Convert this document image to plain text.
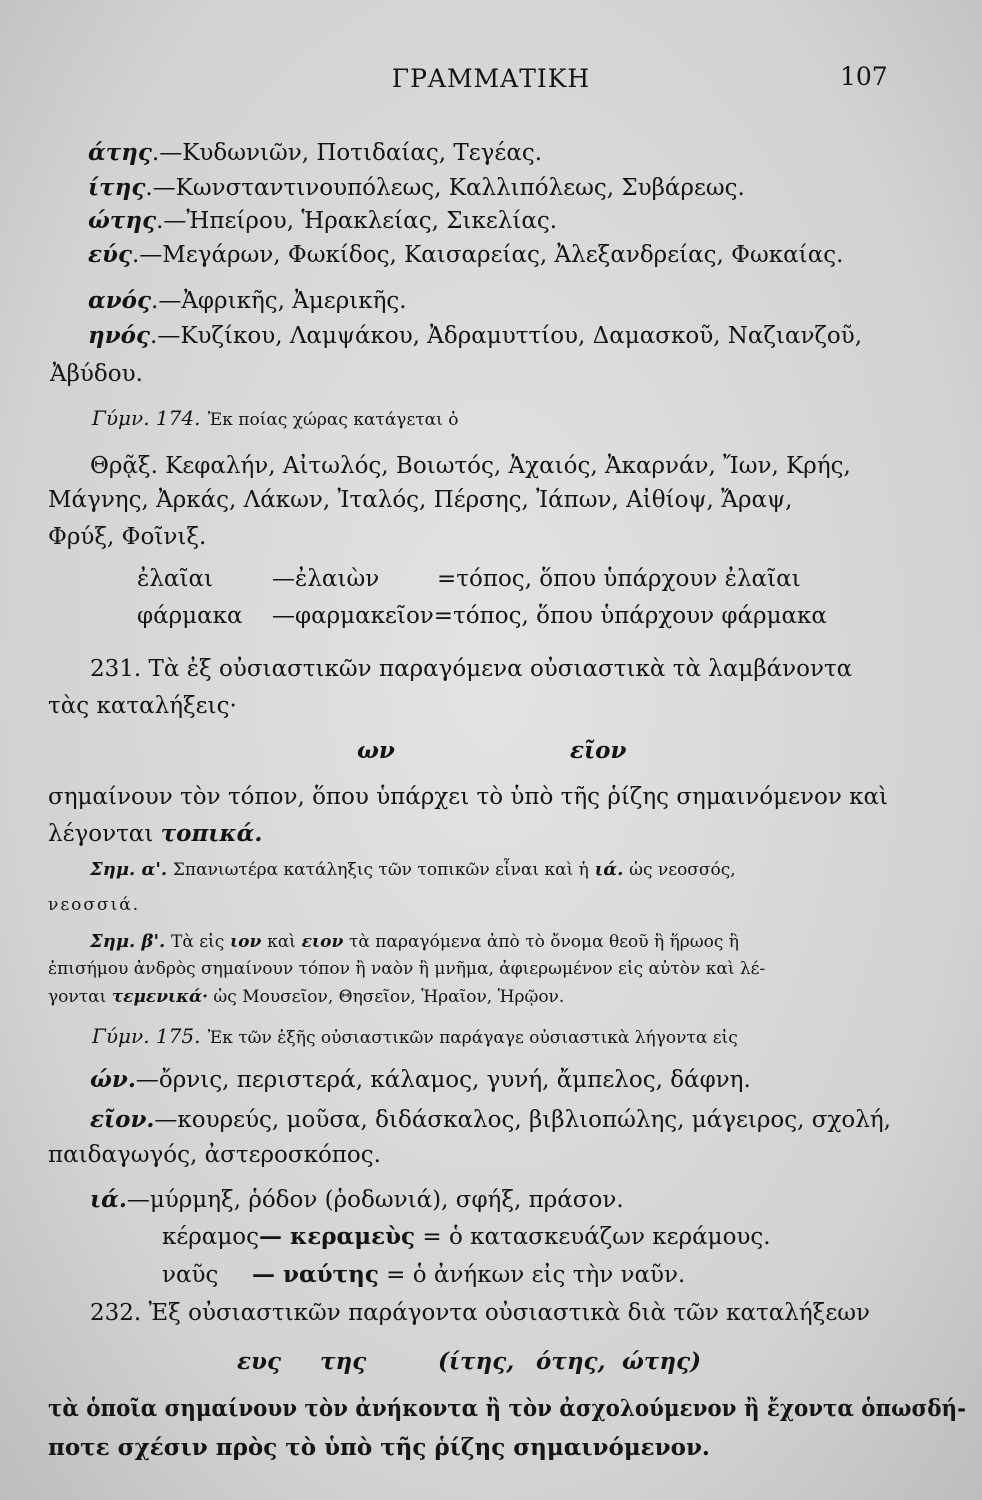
ΓΡΑΜΜΑΤΙΚΗ	107
άτης.—Κυδωνιῶν, Ποτιδαίας, Τεγέας.
ίτης.—Κωνσταντινουπόλεως, Καλλιπόλεως, Συβάρεως.
ώτης.—Ἠπείρου, Ἡρακλείας, Σικελίας.
εύς.—Μεγάρων, Φωκίδος, Καισαρείας, Ἀλεξανδρείας, Φωκαίας.
ανός.—Ἀφρικῆς, Ἀμερικῆς.
ηνός.—Κυζίκου, Λαμψάκου, Ἀδραμυττίου, Δαμασκοῦ, Ναζιανζοῦ,
Ἀβύδου.
Γύμν. 174. Ἐκ ποίας χώρας κατάγεται ὁ
Θρᾷξ. Κεφαλήν, Αἰτωλός, Βοιωτός, Ἀχαιός, Ἀκαρνάν, Ἴων, Κρής,
Μάγνης, Ἀρκάς, Λάκων, Ἰταλός, Πέρσης, Ἰάπων, Αἰθίοψ, Ἄραψ,
Φρύξ, Φοῖνιξ.
ἐλαῖαι	—ἐλαιὼν	=τόπος, ὅπου ὑπάρχουν ἐλαῖαι
φάρμακα —φαρμακεῖον=τόπος, ὅπου ὑπάρχουν φάρμακα
231. Τὰ ἐξ οὐσιαστικῶν παραγόμενα οὐσιαστικὰ τὰ λαμβάνοντα
τὰς καταλήξεις·
ων	εῖον
σημαίνουν τὸν τόπον, ὅπου ὑπάρχει τὸ ὑπὸ τῆς ῥίζης σημαινόμενον καὶ
λέγονται τοπικά.
Σημ. α'. Σπανιωτέρα κατάληξις τῶν τοπικῶν εἶναι καὶ ἡ ιά. ὡς νεοσσός,
νεοσσιά.
Σημ. β'. Τὰ εἰς ιον καὶ ειον τὰ παραγόμενα ἀπὸ τὸ ὄνομα θεοῦ ἢ ἥρωος ἢ
ἐπισήμου ἀνδρὸς σημαίνουν τόπον ἢ ναὸν ἢ μνῆμα, ἀφιερωμένον εἰς αὐτὸν καὶ λέ-
γονται τεμενικά· ὡς Μουσεῖον, Θησεῖον, Ἡραῖον, Ἡρῷον.
Γύμν. 175. Ἐκ τῶν ἑξῆς οὐσιαστικῶν παράγαγε οὐσιαστικὰ λήγοντα εἰς
ών.—ὄρνις, περιστερά, κάλαμος, γυνή, ἄμπελος, δάφνη.
εῖον.—κουρεύς, μοῦσα, διδάσκαλος, βιβλιοπώλης, μάγειρος, σχολή,
παιδαγωγός, ἀστεροσκόπος.
ιά.—μύρμηξ, ῥόδον (ῥοδωνιά), σφήξ, πράσον.
κέραμος— κεραμεὺς = ὁ κατασκευάζων κεράμους.
ναῦς — ναύτης = ὁ ἀνήκων εἰς τὴν ναῦν.
232. Ἐξ οὐσιαστικῶν παράγοντα οὐσιαστικὰ διὰ τῶν καταλήξεων
ευς της	(ίτης, ότης, ώτης)
τὰ ὁποῖα σημαίνουν τὸν ἀνήκοντα ἢ τὸν ἀσχολούμενον ἢ ἔχοντα ὁπωσδή-
ποτε σχέσιν πρὸς τὸ ὑπὸ τῆς ῥίζης σημαινόμενον.
